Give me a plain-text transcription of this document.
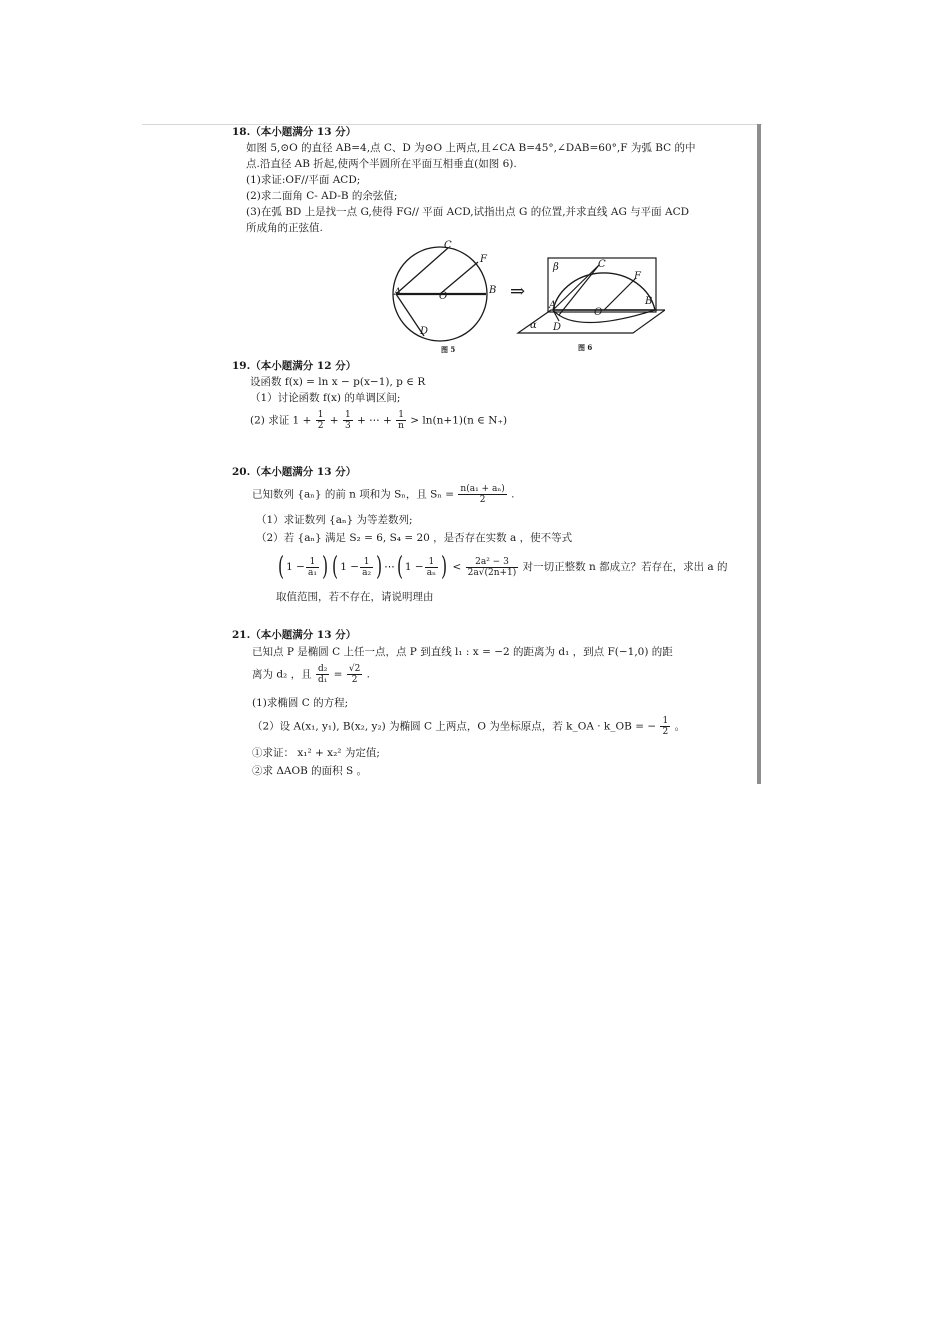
18.（本小题满分 13 分）
如图 5,⊙O 的直径 AB=4,点 C、D 为⊙O 上两点,且∠CA B=45°,∠DAB=60°,F 为弧 BC 的中
点.沿直径 AB 折起,使两个半圆所在平面互相垂直(如图 6).
(1)求证:OF//平面 ACD;
(2)求二面角 C- AD-B 的余弦值;
(3)在弧 BD 上是找一点 G,使得 FG// 平面 ACD,试指出点 G 的位置,并求直线 AG 与平面 ACD
所成角的正弦值.
C
F
A	B
O
D
图 5
⇒
β	C
F
A
O
B
α D
图 6
19.（本小题满分 12 分）
设函数 f(x) = ln x − p(x−1), p ∈ R
（1）讨论函数 f(x) 的单调区间;
(2) 求证 $1 + \frac{1}{2} + \frac{1}{3}$ + ⋯ + $\frac{1}{n} > \ln(n+1)(n$ ∈ N₊)
20.（本小题满分 13 分）
已知数列 {aₙ} 的前 n 项和为 Sₙ，且 $S_n = \frac{\text{n(a₁ + aₙ)}}{2}$ .
（1）求证数列 {aₙ} 为等差数列;
（2）若 {aₙ} 满足 S₂ = 6, S₄ = 20 ，是否存在实数 a ，使不等式
( $1 - \frac{1}{\text{a₁}}$ ) ( $1 - \frac{1}{\text{a₂}}$ ) ⋯( $1 - \frac{1}{\text{aₙ}}$ ) < $\frac{\text{2a² − 3}}{2a√(2n+1)}$ 对一切正整数 n 都成立？若存在，求出 a 的
取值范围，若不存在，请说明理由
21.（本小题满分 13 分）
已知点 P 是椭圆 C 上任一点，点 P 到直线 l₁ : x = −2 的距离为 d₁ ，到点 F(−1,0) 的距
离为 d₂ ，且 $\frac{\text{d₂}}{\text{d₁}} = \frac{√2}{2}$ .
(1)求椭圆 C 的方程;
（2）设 A(x₁, y₁), B(x₂, y₂) 为椭圆 C 上两点，O 为坐标原点，若 k_OA · k_OB = − $\frac{1}{2}$ 。
①求证： x₁² + x₂² 为定值;
②求 ΔAOB 的面积 S 。
